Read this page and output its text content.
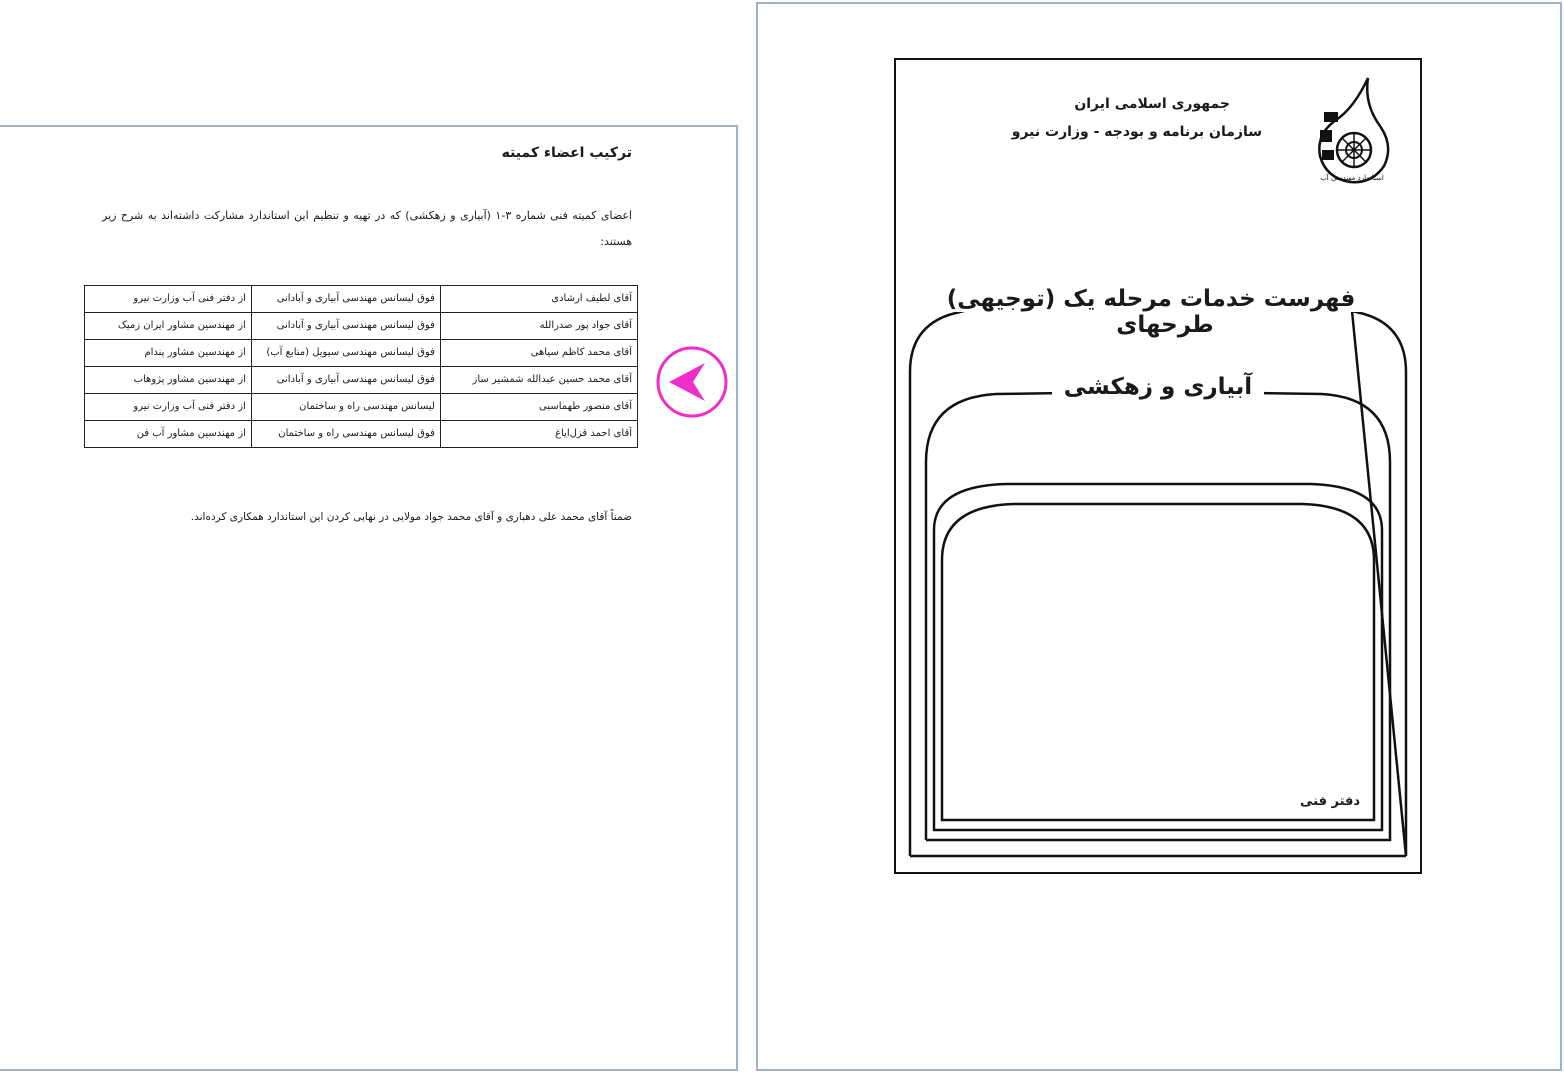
ترکیب اعضاء کمیته
اعضای کمیته فنی شماره ۳-۱ (آبیاری و زهکشی) که در تهیه و تنظیم این استاندارد مشارکت داشته‌اند به شرح زیر هستند:
آقای لطیف ارشادی	فوق لیسانس مهندسی آبیاری و آبادانی	از دفتر فنی آب وزارت نیرو
آقای جواد پور صدرالله	فوق لیسانس مهندسی آبیاری و آبادانی	از مهندسین مشاور ایران زمیک
آقای محمد کاظم سیاهی	فوق لیسانس مهندسی سیویل (منابع آب)	از مهندسین مشاور پندام
آقای محمد حسین عبدالله شمشیر ساز	فوق لیسانس مهندسی آبیاری و آبادانی	از مهندسین مشاور پژوهاب
آقای منصور طهماسبی	لیسانس مهندسی راه و ساختمان	از دفتر فنی آب وزارت نیرو
آقای احمد قزل‌ایاغ	فوق لیسانس مهندسی راه و ساختمان	از مهندسین مشاور آب فن
ضمناً آقای محمد علی دهباری و آقای محمد جواد مولایی در نهایی کردن این استاندارد همکاری کرده‌اند.
استاندارد مهندسی آب
جمهوری اسلامی ایران
سازمان برنامه و بودجه - وزارت نیرو
فهرست خدمات مرحله یک (توجیهی) طرحهای
آبیاری و زهکشی
دفتر فنی
